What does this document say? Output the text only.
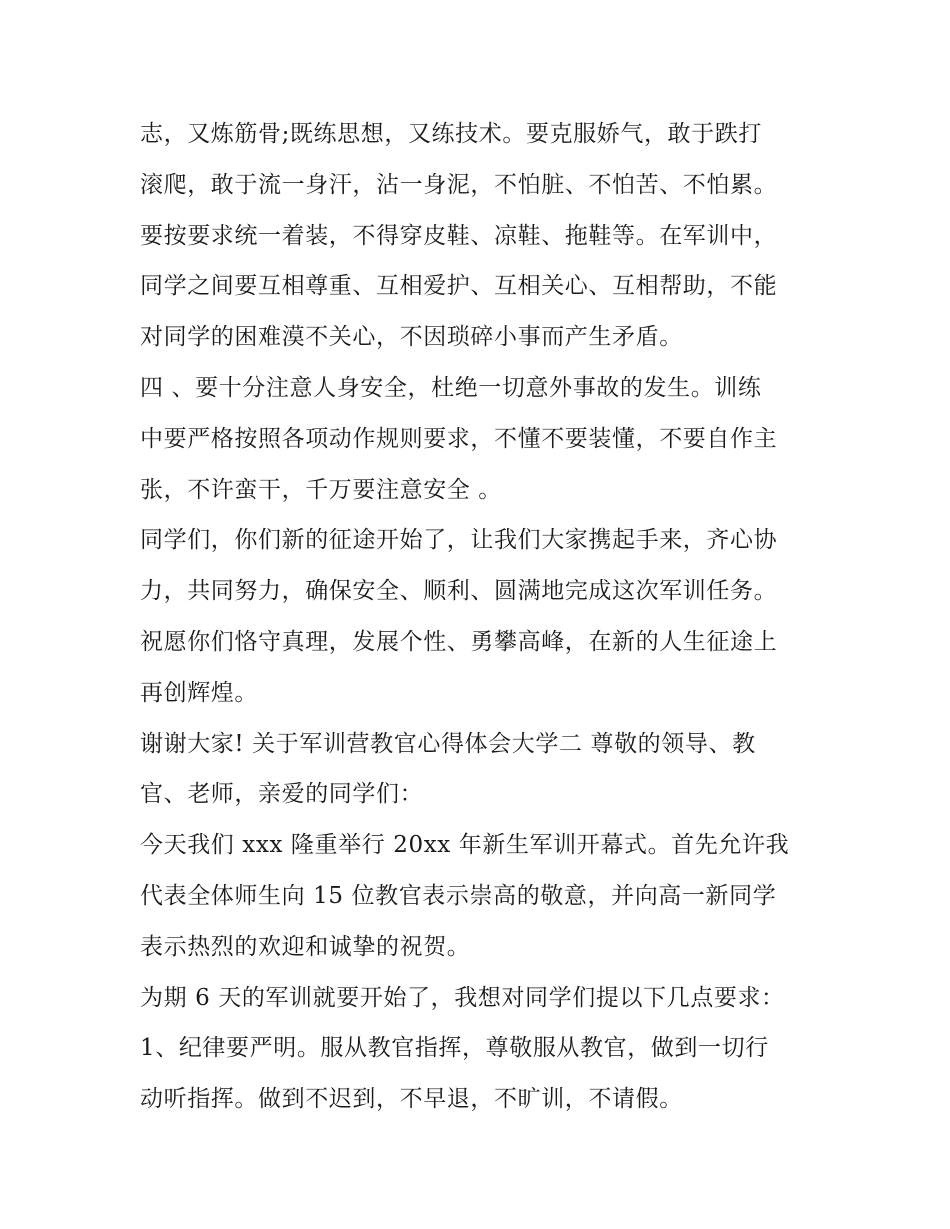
志，又炼筋骨;既练思想，又练技术。要克服娇气，敢于跌打
滚爬，敢于流一身汗，沾一身泥，不怕脏、不怕苦、不怕累。
要按要求统一着装，不得穿皮鞋、凉鞋、拖鞋等。在军训中，
同学之间要互相尊重、互相爱护、互相关心、互相帮助，不能
对同学的困难漠不关心，不因琐碎小事而产生矛盾。
四 、要十分注意人身安全，杜绝一切意外事故的发生。训练
中要严格按照各项动作规则要求，不懂不要装懂，不要自作主
张，不许蛮干，千万要注意安全 。
同学们，你们新的征途开始了，让我们大家携起手来，齐心协
力，共同努力，确保安全、顺利、圆满地完成这次军训任务。
祝愿你们恪守真理，发展个性、勇攀高峰，在新的人生征途上
再创辉煌。
谢谢大家! 关于军训营教官心得体会大学二 尊敬的领导、教
官、老师，亲爱的同学们：
今天我们 xxx 隆重举行 20xx 年新生军训开幕式。首先允许我
代表全体师生向 15 位教官表示崇高的敬意，并向高一新同学
表示热烈的欢迎和诚挚的祝贺。
为期 6 天的军训就要开始了，我想对同学们提以下几点要求：
1、纪律要严明。服从教官指挥，尊敬服从教官，做到一切行
动听指挥。做到不迟到，不早退，不旷训，不请假。
